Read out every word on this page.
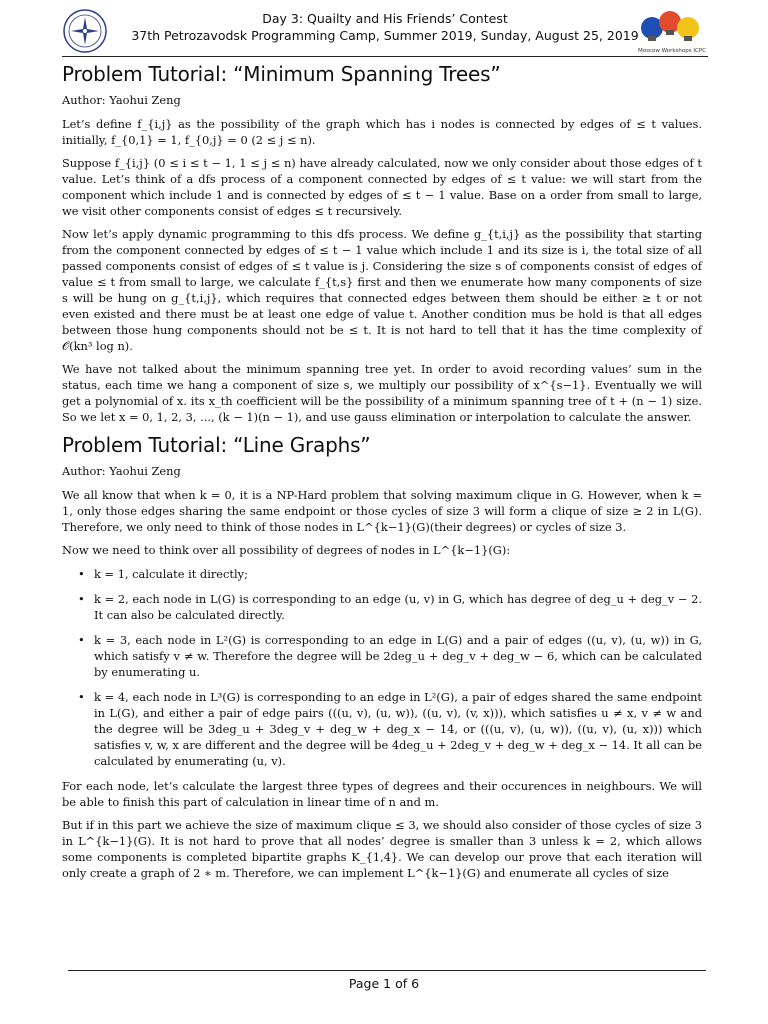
Day 3: Quailty and His Friends’ Contest
37th Petrozavodsk Programming Camp, Summer 2019, Sunday, August 25, 2019
Moscow Workshops ICPC
Problem Tutorial: “Minimum Spanning Trees”
Author: Yaohui Zeng

Let’s define f_{i,j} as the possibility of the graph which has i nodes is connected by edges of ≤ t values. initially, f_{0,1} = 1, f_{0,j} = 0 (2 ≤ j ≤ n).

Suppose f_{i,j} (0 ≤ i ≤ t − 1, 1 ≤ j ≤ n) have already calculated, now we only consider about those edges of t value. Let’s think of a dfs process of a component connected by edges of ≤ t value: we will start from the component which include 1 and is connected by edges of ≤ t − 1 value. Base on a order from small to large, we visit other components consist of edges ≤ t recursively.

Now let’s apply dynamic programming to this dfs process. We define g_{t,i,j} as the possibility that starting from the component connected by edges of ≤ t − 1 value which include 1 and its size is i, the total size of all passed components consist of edges of ≤ t value is j. Considering the size s of components consist of edges of value ≤ t from small to large, we calculate f_{t,s} first and then we enumerate how many components of size s will be hung on g_{t,i,j}, which requires that connected edges between them should be either ≥ t or not even existed and there must be at least one edge of value t. Another condition mus be hold is that all edges between those hung components should not be ≤ t. It is not hard to tell that it has the time complexity of 𝒪(kn³ log n).

We have not talked about the minimum spanning tree yet. In order to avoid recording values’ sum in the status, each time we hang a component of size s, we multiply our possibility of x^{s−1}. Eventually we will get a polynomial of x. its x_th coefficient will be the possibility of a minimum spanning tree of t + (n − 1) size. So we let x = 0, 1, 2, 3, ..., (k − 1)(n − 1), and use gauss elimination or interpolation to calculate the answer.

Problem Tutorial: “Line Graphs”
Author: Yaohui Zeng

We all know that when k = 0, it is a NP-Hard problem that solving maximum clique in G. However, when k = 1, only those edges sharing the same endpoint or those cycles of size 3 will form a clique of size ≥ 2 in L(G). Therefore, we only need to think of those nodes in L^{k−1}(G)(their degrees) or cycles of size 3.

Now we need to think over all possibility of degrees of nodes in L^{k−1}(G):

• k = 1, calculate it directly;
• k = 2, each node in L(G) is corresponding to an edge (u, v) in G, which has degree of deg_u + deg_v − 2. It can also be calculated directly.
• k = 3, each node in L²(G) is corresponding to an edge in L(G) and a pair of edges ((u, v), (u, w)) in G, which satisfy v ≠ w. Therefore the degree will be 2deg_u + deg_v + deg_w − 6, which can be calculated by enumerating u.
• k = 4, each node in L³(G) is corresponding to an edge in L²(G), a pair of edges shared the same endpoint in L(G), and either a pair of edge pairs (((u, v), (u, w)), ((u, v), (v, x))), which satisfies u ≠ x, v ≠ w and the degree will be 3deg_u + 3deg_v + deg_w + deg_x − 14, or (((u, v), (u, w)), ((u, v), (u, x))) which satisfies v, w, x are different and the degree will be 4deg_u + 2deg_v + deg_w + deg_x − 14. It all can be calculated by enumerating (u, v).

For each node, let’s calculate the largest three types of degrees and their occurences in neighbours. We will be able to finish this part of calculation in linear time of n and m.

But if in this part we achieve the size of maximum clique ≤ 3, we should also consider of those cycles of size 3 in L^{k−1}(G). It is not hard to prove that all nodes’ degree is smaller than 3 unless k = 2, which allows some components is completed bipartite graphs K_{1,4}. We can develop our prove that each iteration will only create a graph of 2 ∗ m. Therefore, we can implement L^{k−1}(G) and enumerate all cycles of size

Page 1 of 6
